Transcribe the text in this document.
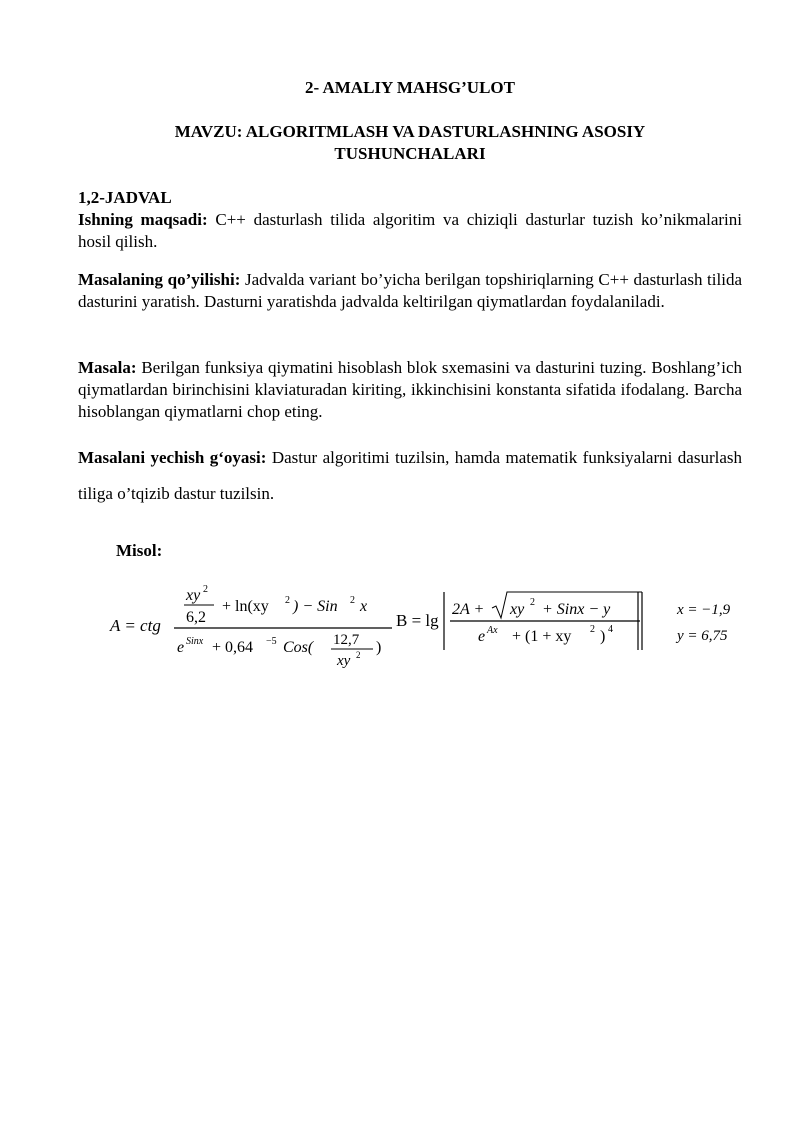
2- AMALIY MAHSG’ULOT
MAVZU: ALGORITMLASH VA DASTURLASHNING ASOSIY
TUSHUNCHALARI
1,2-JADVAL
Ishning maqsadi: C++ dasturlash tilida algoritim va chiziqli dasturlar tuzish ko’nikmalarini hosil qilish.
Masalaning qo’yilishi: Jadvalda variant bo’yicha berilgan topshiriqlarning C++ dasturlash tilida dasturini yaratish. Dasturni yaratishda jadvalda keltirilgan qiymatlardan foydalaniladi.
Masala: Berilgan funksiya qiymatini hisoblash blok sxemasini va dasturini tuzing. Boshlang’ich qiymatlardan birinchisini klaviaturadan kiriting, ikkinchisini konstanta sifatida ifodalang. Barcha hisoblangan qiymatlarni chop eting.
Masalani yechish g‘oyasi: Dastur algoritimi tuzilsin, hamda matematik funksiyalarni dasurlash tiliga o’tqizib dastur tuzilsin.
Misol:
A = ctg
xy 2
6,2
+ ln(xy 2 ) − Sin 2 x
e Sinx + 0,64 −5 Cos( 12,7
xy 2 )
B = lg
2A + xy 2 + Sinx − y
e Ax + (1 + xy 2 ) 4
x = −1,9
y = 6,75
